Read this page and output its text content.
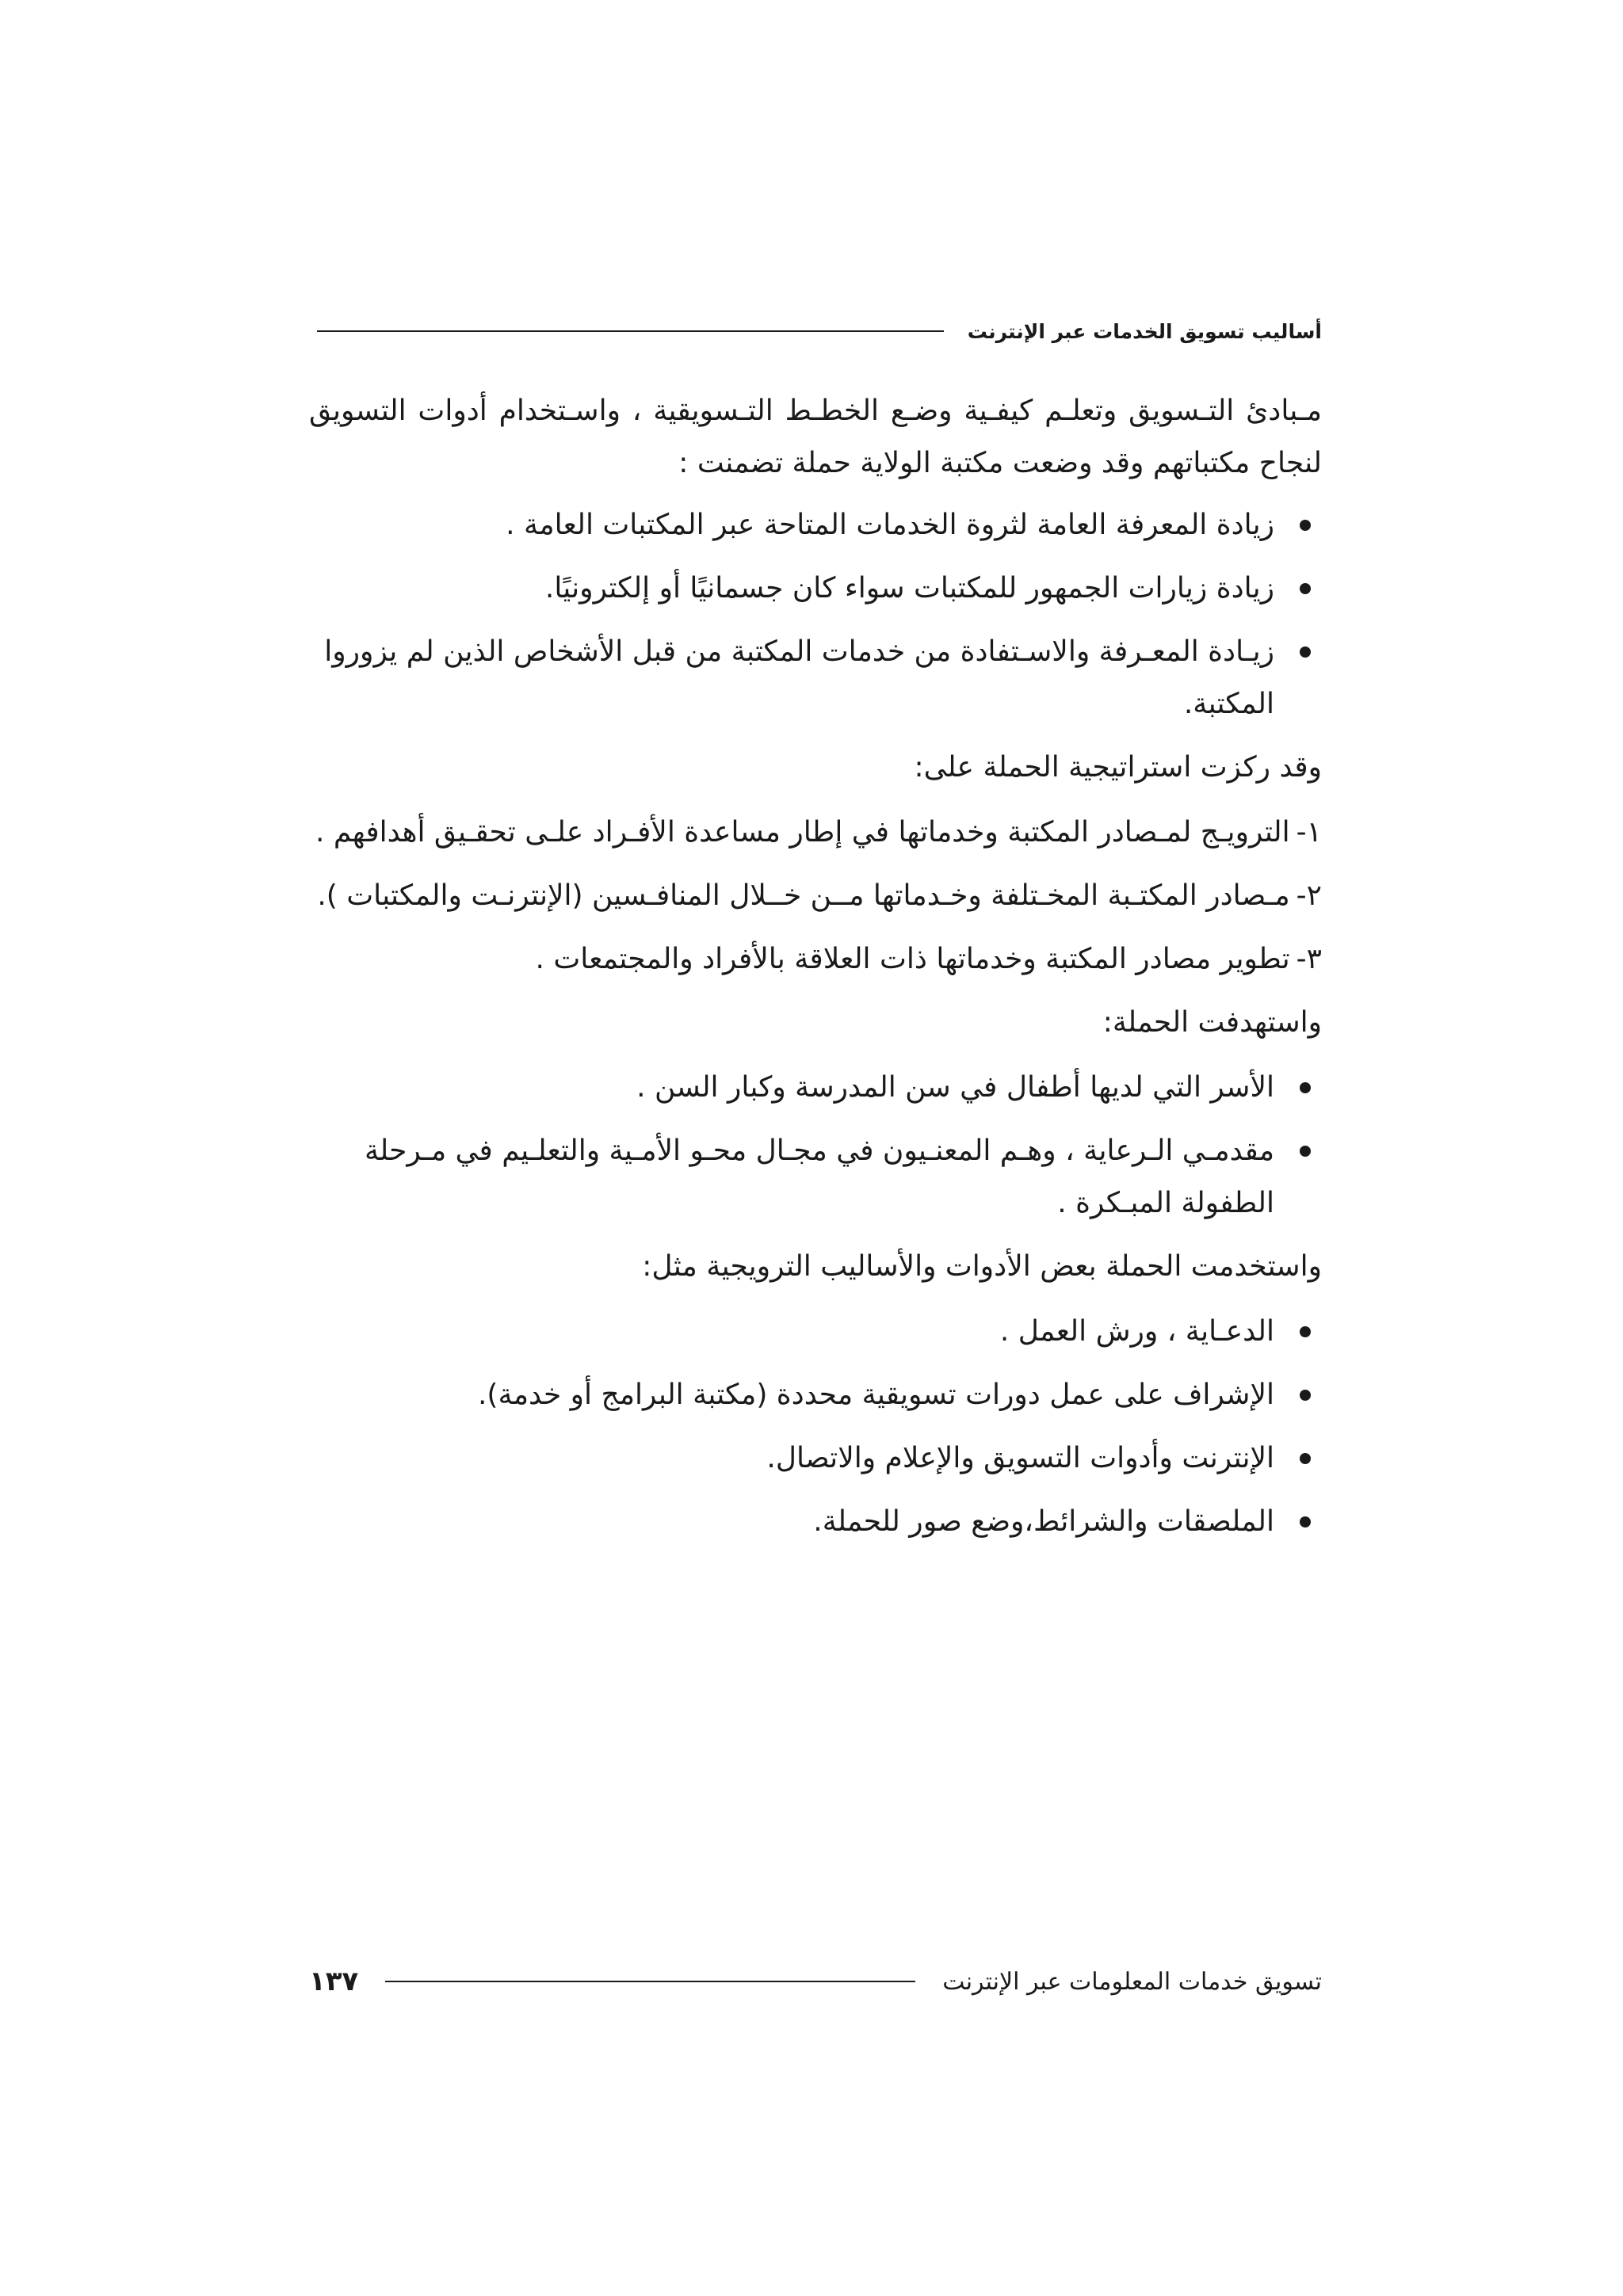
أساليب تسويق الخدمات عبر الإنترنت

مـبادئ التـسويق وتعلـم كيفـية وضـع الخطـط التـسويقية ، واسـتخدام أدوات التسويق لنجاح مكتباتهم وقد وضعت مكتبة الولاية حملة تضمنت :

زيادة المعرفة العامة لثروة الخدمات المتاحة عبر المكتبات العامة .

زيادة زيارات الجمهور للمكتبات سواء كان جسمانيًا أو إلكترونيًا.

زيـادة المعـرفة والاسـتفادة من خدمات المكتبة من قبل الأشخاص الذين لم يزوروا المكتبة.

وقد ركزت استراتيجية الحملة على:

١-

الترويـج لمـصادر المكتبة وخدماتها في إطار مساعدة الأفـراد علـى تحقـيق أهدافهم .

٢-

مـصادر المكتـبة المخـتلفة وخـدماتها مــن خــلال المنافـسين (الإنترنـت والمكتبات ).

٣-

تطوير مصادر المكتبة وخدماتها ذات العلاقة بالأفراد والمجتمعات .

واستهدفت الحملة:

الأسر التي لديها أطفال في سن المدرسة وكبار السن .

مقدمـي الـرعاية ، وهـم المعنـيون في مجـال محـو الأمـية والتعلـيم في مـرحلة الطفولة المبـكرة .

واستخدمت الحملة بعض الأدوات والأساليب الترويجية مثل:

الدعـاية ، ورش العمل .

الإشراف على عمل دورات تسويقية محددة (مكتبة البرامج أو خدمة).

الإنترنت وأدوات التسويق والإعلام والاتصال.

الملصقات والشرائط،وضع صور للحملة.

تسويق خدمات المعلومات عبر الإنترنت
١٣٧
